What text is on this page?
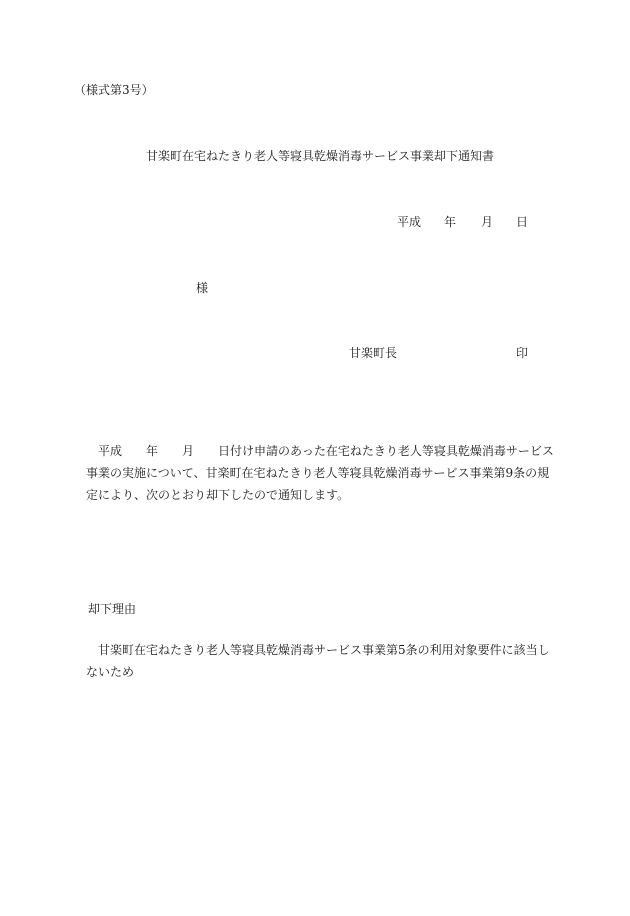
（様式第3号）
甘楽町在宅ねたきり老人等寝具乾燥消毒サービス事業却下通知書
平成 年 月 日
様
甘楽町長	印
　平成　　年　　月　　日付け申請のあった在宅ねたきり老人等寝具乾燥消毒サービス
事業の実施について、甘楽町在宅ねたきり老人等寝具乾燥消毒サービス事業第9条の規
定により、次のとおり却下したので通知します。
却下理由
　甘楽町在宅ねたきり老人等寝具乾燥消毒サービス事業第5条の利用対象要件に該当し
ないため
